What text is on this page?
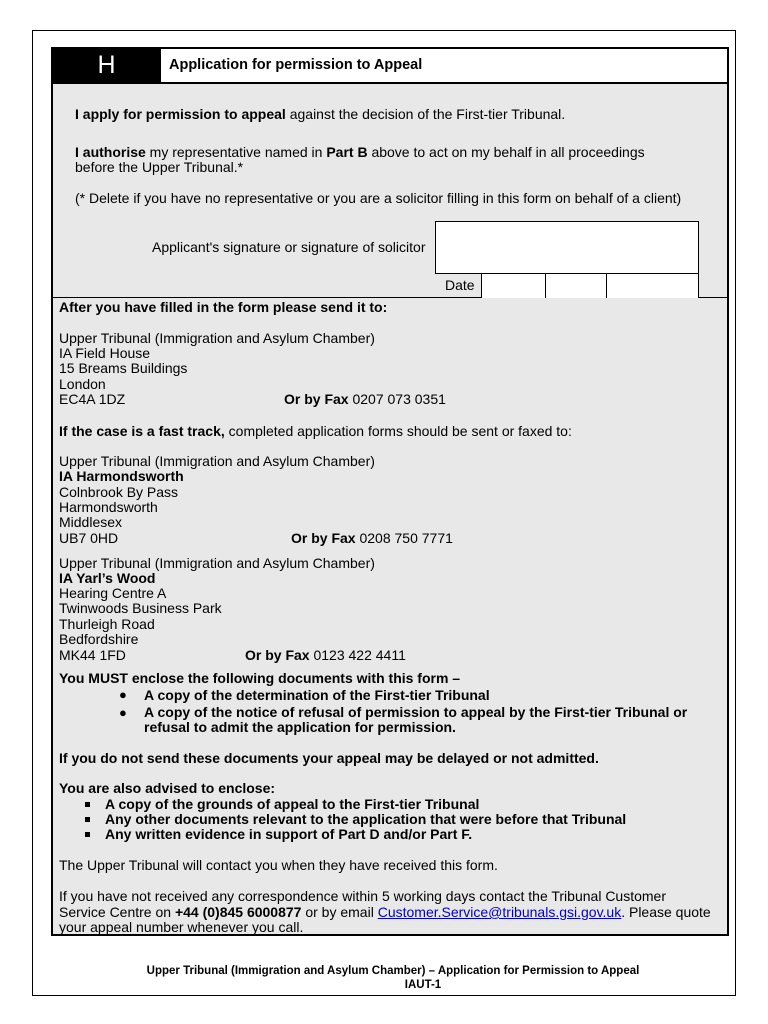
H	Application for permission to Appeal
I apply for permission to appeal against the decision of the First-tier Tribunal.
I authorise my representative named in Part B above to act on my behalf in all proceedings
before the Upper Tribunal.*
(* Delete if you have no representative or you are a solicitor filling in this form on behalf of a client)
Applicant's signature or signature of solicitor
Date
After you have filled in the form please send it to:
Upper Tribunal (Immigration and Asylum Chamber)
IA Field House
15 Breams Buildings
London
EC4A 1DZ	Or by Fax 0207 073 0351
If the case is a fast track, completed application forms should be sent or faxed to:
Upper Tribunal (Immigration and Asylum Chamber)
IA Harmondsworth
Colnbrook By Pass
Harmondsworth
Middlesex
UB7 0HD	Or by Fax 0208 750 7771
Upper Tribunal (Immigration and Asylum Chamber)
IA Yarl’s Wood
Hearing Centre A
Twinwoods Business Park
Thurleigh Road
Bedfordshire
MK44 1FD	Or by Fax 0123 422 4411
You MUST enclose the following documents with this form –
● A copy of the determination of the First-tier Tribunal
● A copy of the notice of refusal of permission to appeal by the First-tier Tribunal or
refusal to admit the application for permission.
If you do not send these documents your appeal may be delayed or not admitted.
You are also advised to enclose:
A copy of the grounds of appeal to the First-tier Tribunal
Any other documents relevant to the application that were before that Tribunal
Any written evidence in support of Part D and/or Part F.
The Upper Tribunal will contact you when they have received this form.
If you have not received any correspondence within 5 working days contact the Tribunal Customer
Service Centre on +44 (0)845 6000877 or by email Customer.Service@tribunals.gsi.gov.uk. Please quote
your appeal number whenever you call.
Upper Tribunal (Immigration and Asylum Chamber) – Application for Permission to Appeal
IAUT-1
